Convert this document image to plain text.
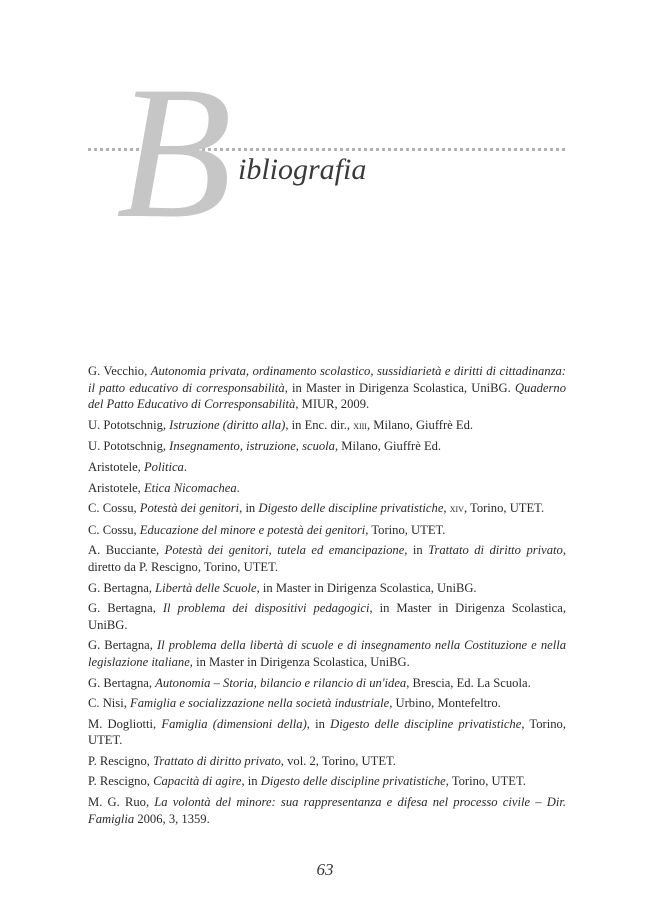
B ibliografia

G. Vecchio, Autonomia privata, ordinamento scolastico, sussidiarietà e diritti di cittadinanza: il patto educativo di corresponsabilità, in Master in Dirigenza Scolastica, UniBG. Quaderno del Patto Educativo di Corresponsabilità, MIUR, 2009.

U. Pototschnig, Istruzione (diritto alla), in Enc. dir., xiii, Milano, Giuffrè Ed.

U. Pototschnig, Insegnamento, istruzione, scuola, Milano, Giuffrè Ed.

Aristotele, Politica.

Aristotele, Etica Nicomachea.

C. Cossu, Potestà dei genitori, in Digesto delle discipline privatistiche, xiv, Torino, UTET.

C. Cossu, Educazione del minore e potestà dei genitori, Torino, UTET.

A. Bucciante, Potestà dei genitori, tutela ed emancipazione, in Trattato di diritto privato, diretto da P. Rescigno, Torino, UTET.

G. Bertagna, Libertà delle Scuole, in Master in Dirigenza Scolastica, UniBG.

G. Bertagna, Il problema dei dispositivi pedagogici, in Master in Dirigenza Scolastica, UniBG.

G. Bertagna, Il problema della libertà di scuole e di insegnamento nella Costituzione e nella legislazione italiane, in Master in Dirigenza Scolastica, UniBG.

G. Bertagna, Autonomia – Storia, bilancio e rilancio di un'idea, Brescia, Ed. La Scuola.

C. Nisi, Famiglia e socializzazione nella società industriale, Urbino, Montefeltro.

M. Dogliotti, Famiglia (dimensioni della), in Digesto delle discipline privatistiche, Torino, UTET.

P. Rescigno, Trattato di diritto privato, vol. 2, Torino, UTET.

P. Rescigno, Capacità di agire, in Digesto delle discipline privatistiche, Torino, UTET.

M. G. Ruo, La volontà del minore: sua rappresentanza e difesa nel processo civile – Dir. Famiglia 2006, 3, 1359.

63
